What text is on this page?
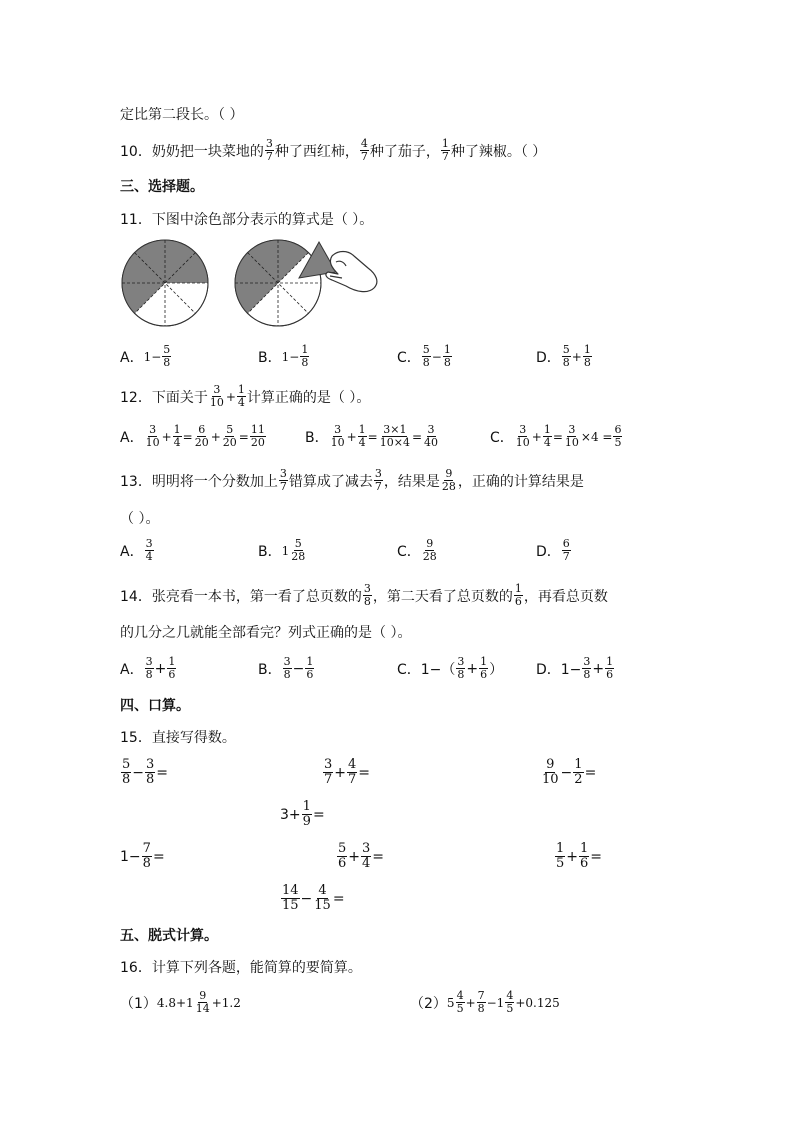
定比第二段长。（ ）
10． 奶奶把一块菜地的 $\frac{3}{7}$ 种了西红柿， $\frac{4}{7}$ 种了茄子， $\frac{1}{7}$ 种了辣椒。（ ）
三、选择题。
11．下图中涂色部分表示的算式是（ ）。
A． $1- \frac{5}{8}$	B． $1- \frac{1}{8}$	C． $\frac{5}{8} - \frac{1}{8}$	D． $\frac{5}{8} + \frac{1}{8}$
12．下面关于 $\frac{3}{10} + \frac{1}{4}$ 计算正确的是（ ）。
A． $\frac{3}{10} + \frac{1}{4} = \frac{6}{20} + \frac{5}{20} = \frac{11}{20}$	B． $\frac{3}{10} + \frac{1}{4} = \frac{3\times 1}{10\times 4} = \frac{3}{40}$	C． $\frac{3}{10} + \frac{1}{4} = \frac{3}{10} \times 4 = \frac{6}{5}$
13．明明将一个分数加上 $\frac{3}{7}$ 错算成了减去 $\frac{3}{7}$ ，结果是 $\frac{9}{28}$ ，正确的计算结果是
（ ）。
A． $\frac{3}{4}$	B． $1 \frac{5}{28}$	C． $\frac{9}{28}$	D． $\frac{6}{7}$
14．张亮看一本书，第一看了总页数的 $\frac{3}{8}$ ，第二天看了总页数的 $\frac{1}{6}$ ，再看总页数
的几分之几就能全部看完？列式正确的是（ ）。
A． $\frac{3}{8} + \frac{1}{6}$	B． $\frac{3}{8} - \frac{1}{6}$	C．$1-( \frac{3}{8} + \frac{1}{6}$ ） D．$1- \frac{3}{8} + \frac{1}{6}$
四、口算。
15．直接写得数。
$\frac{5}{8} - \frac{3}{8}$ =	$\frac{3}{7} + \frac{4}{7}$ =	$\frac{9}{10} - \frac{1}{2}$ =
$3 + \frac{1}{9}$ =
$1 - \frac{7}{8}$ =	$\frac{5}{6} + \frac{3}{4}$ =	$\frac{1}{5} + \frac{1}{6}$ =
$\frac{14}{15} - \frac{4}{15}$ =
五、脱式计算。
16．计算下列各题，能简算的要简算。
（1） $4.8+1 \frac{9}{14} +1.2$	（2） $5 \frac{4}{5} + \frac{7}{8} -1 \frac{4}{5} +0.125$
